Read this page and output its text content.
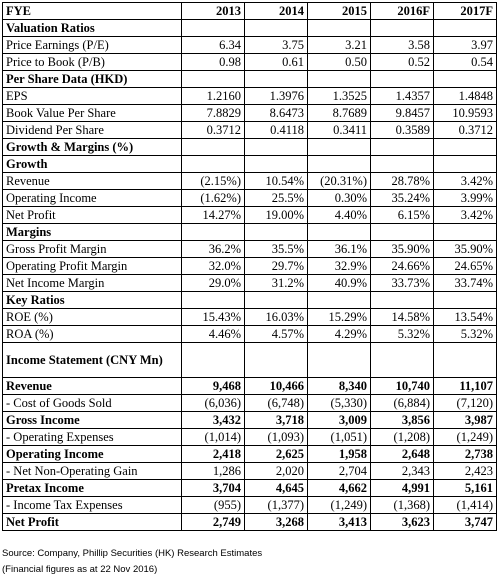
FYE	2013	2014	2015	2016F	2017F
Valuation Ratios					
Price Earnings (P/E)	6.34	3.75	3.21	3.58	3.97
Price to Book (P/B)	0.98	0.61	0.50	0.52	0.54
Per Share Data (HKD)					
EPS	1.2160	1.3976	1.3525	1.4357	1.4848
Book Value Per Share	7.8829	8.6473	8.7689	9.8457	10.9593
Dividend Per Share	0.3712	0.4118	0.3411	0.3589	0.3712
Growth & Margins (%)					
Growth					
Revenue	(2.15%)	10.54%	(20.31%)	28.78%	3.42%
Operating Income	(1.62%)	25.5%	0.30%	35.24%	3.99%
Net Profit	14.27%	19.00%	4.40%	6.15%	3.42%
Margins					
Gross Profit Margin	36.2%	35.5%	36.1%	35.90%	35.90%
Operating Profit Margin	32.0%	29.7%	32.9%	24.66%	24.65%
Net Income Margin	29.0%	31.2%	40.9%	33.73%	33.74%
Key Ratios					
ROE (%)	15.43%	16.03%	15.29%	14.58%	13.54%
ROA (%)	4.46%	4.57%	4.29%	5.32%	5.32%
Income Statement (CNY Mn)					
Revenue	9,468	10,466	8,340	10,740	11,107
- Cost of Goods Sold	(6,036)	(6,748)	(5,330)	(6,884)	(7,120)
Gross Income	3,432	3,718	3,009	3,856	3,987
- Operating Expenses	(1,014)	(1,093)	(1,051)	(1,208)	(1,249)
Operating Income	2,418	2,625	1,958	2,648	2,738
- Net Non-Operating Gain	1,286	2,020	2,704	2,343	2,423
Pretax Income	3,704	4,645	4,662	4,991	5,161
- Income Tax Expenses	(955)	(1,377)	(1,249)	(1,368)	(1,414)
Net Profit	2,749	3,268	3,413	3,623	3,747
Source: Company, Phillip Securities (HK) Research Estimates
(Financial figures as at 22 Nov 2016)
